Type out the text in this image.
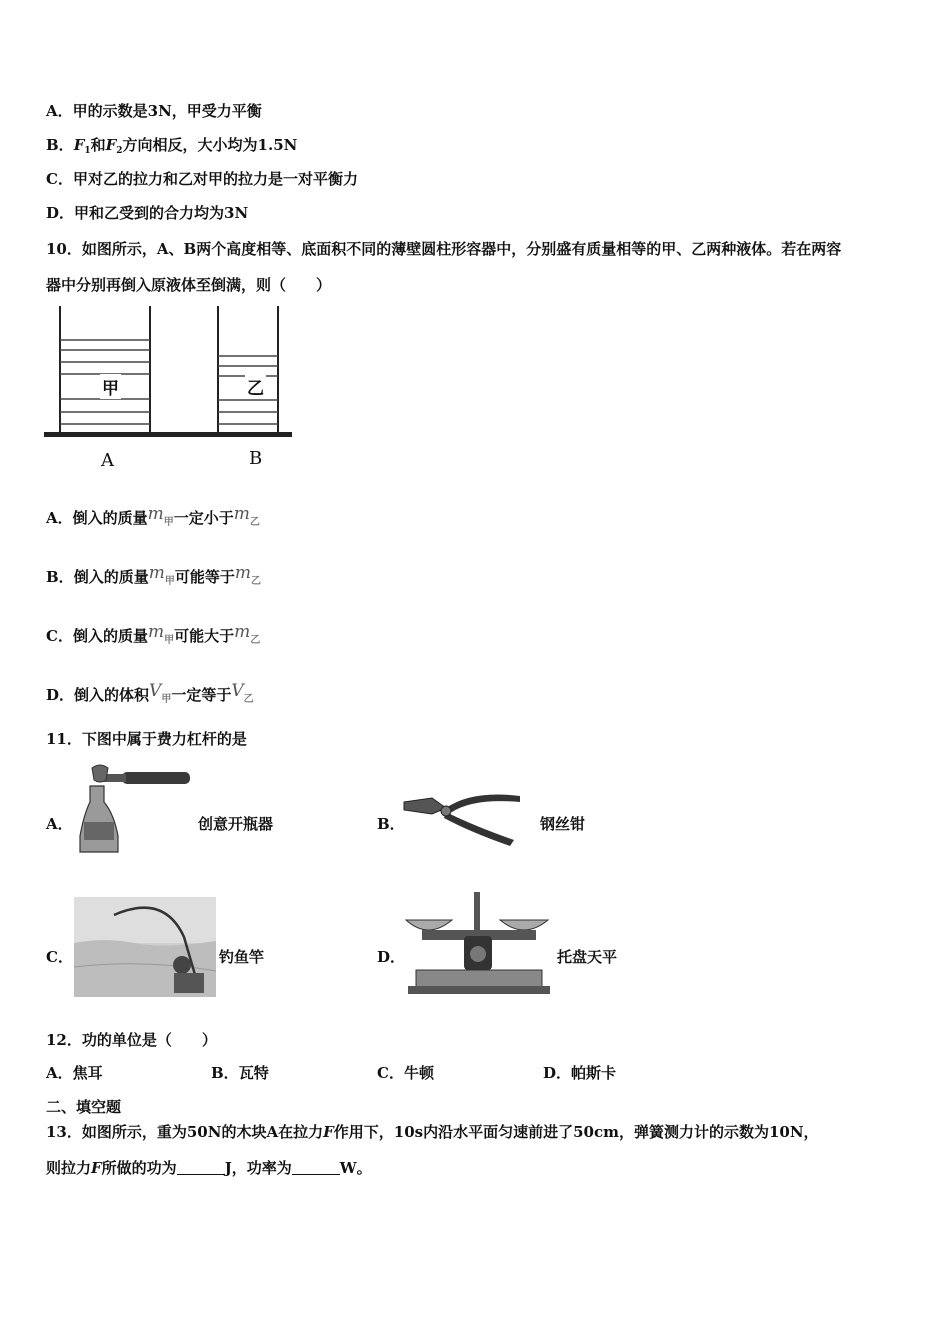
A．甲的示数是3N，甲受力平衡
B．$F_1$和$F_2$方向相反，大小均为1.5N
C．甲对乙的拉力和乙对甲的拉力是一对平衡力
D．甲和乙受到的合力均为3N
10．如图所示，A、B两个高度相等、底面积不同的薄壁圆柱形容器中，分别盛有质量相等的甲、乙两种液体。若在两容
器中分别再倒入原液体至倒满，则（　　）
甲	乙
A	B
A．倒入的质量m甲一定小于m乙
B．倒入的质量m甲可能等于m乙
C．倒入的质量m甲可能大于m乙
D．倒入的体积V甲一定等于V乙
11．下图中属于费力杠杆的是
A．	创意开瓶器	B．	钢丝钳
C．	钓鱼竿	D．	托盘天平
12．功的单位是（　　）
A．焦耳	B．瓦特	C．牛顿	D．帕斯卡
二、填空题
13．如图所示，重为50N的木块A在拉力F作用下，10s内沿水平面匀速前进了50cm，弹簧测力计的示数为10N，
则拉力F所做的功为	J，功率为	W。
